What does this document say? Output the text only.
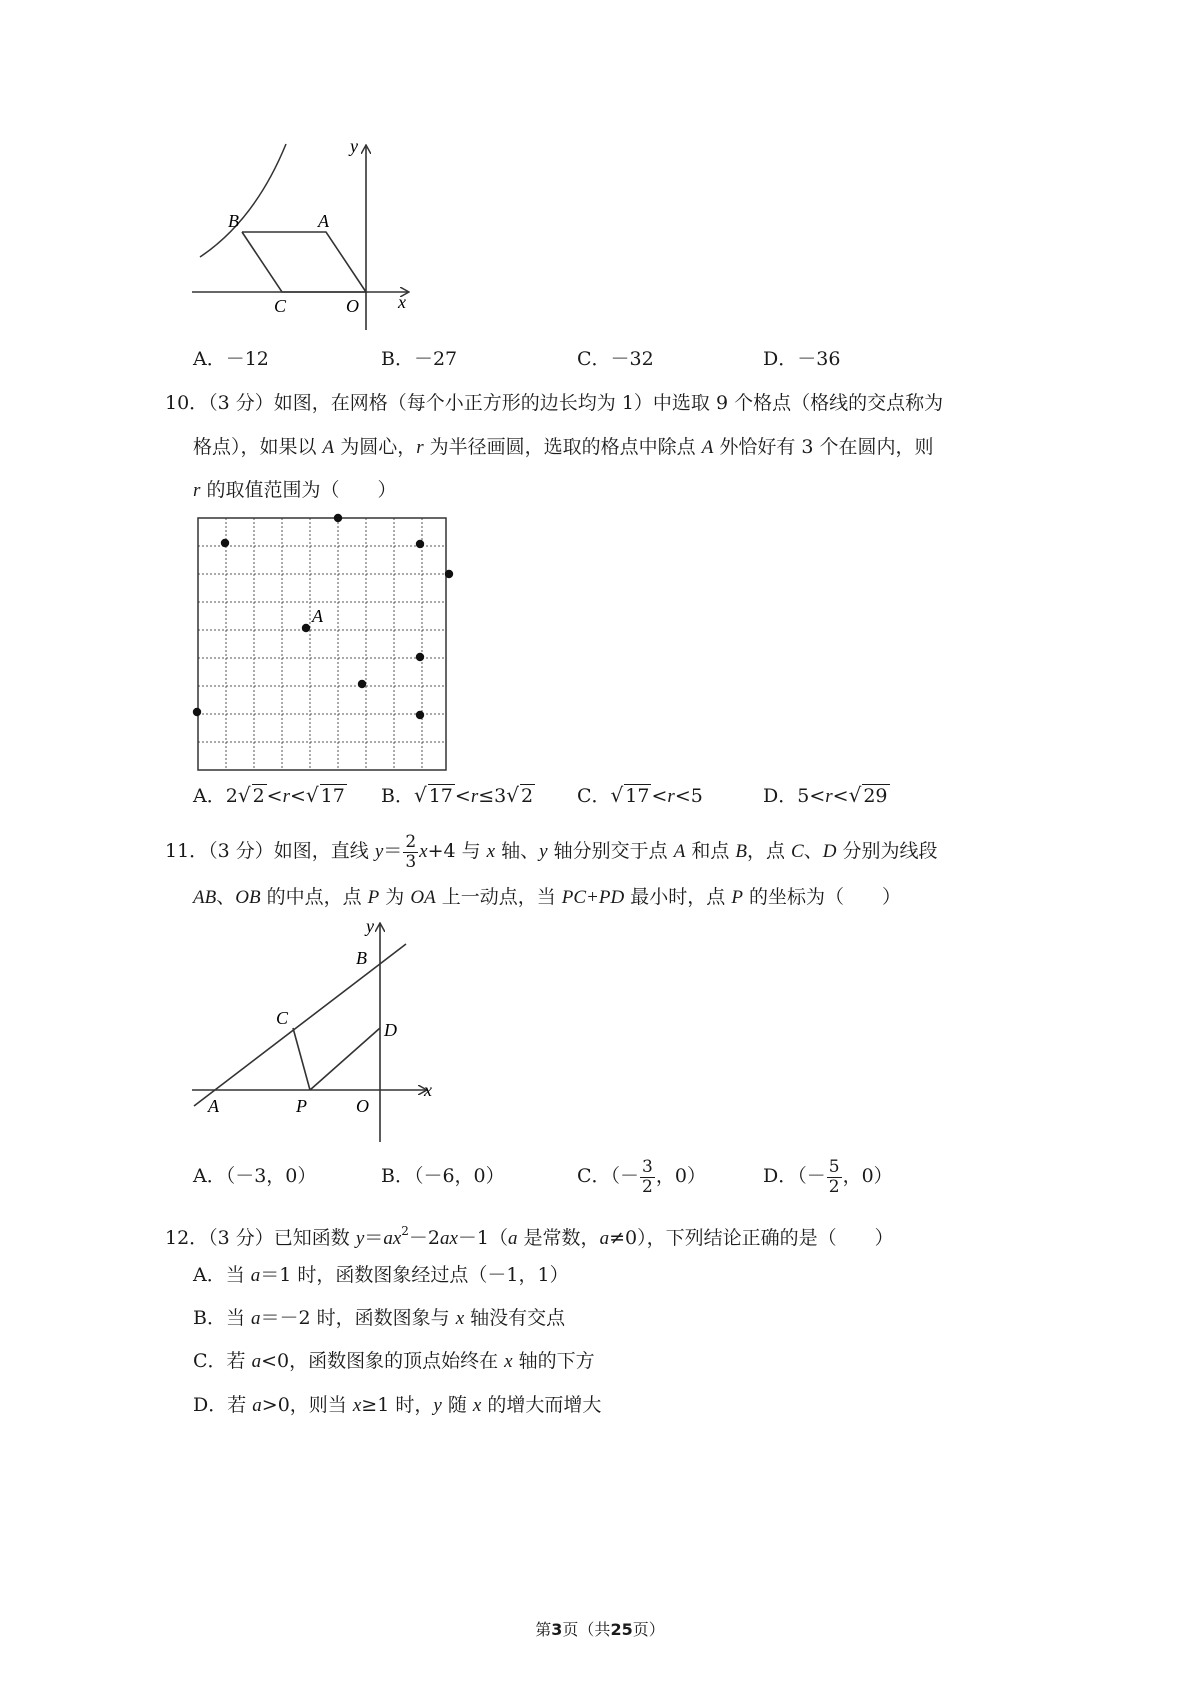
y
x
B	A
C	O
A．－12	B．－27	C．－32	D．－36
10．（3 分）如图，在网格（每个小正方形的边长均为 1）中选取 9 个格点（格线的交点称为
格点），如果以 A 为圆心，r 为半径画圆，选取的格点中除点 A 外恰好有 3 个在圆内，则
r 的取值范围为（　　）
A
A．2√ 2 <r<√ 17 B．√ 17 <r≤3√ 2 C．√ 17 <r<5	D．5<r<√ 29
11．（3 分）如图，直线 $y= \frac{2}{3} x+4$ 与 x 轴、y 轴分别交于点 A 和点 B，点 C、D 分别为线段
AB、OB 的中点，点 P 为 OA 上一动点，当 PC+PD 最小时，点 P 的坐标为（　　）
y
x
B
C
D
A	P	O
A．（－3，0）	B．（－6，0）	C．（－ $\frac{3}{2}$ ，0）	D．（－ $\frac{5}{2}$ ，0）
12．（3 分）已知函数 $y=ax^2-2ax-1(a$ 是常数，a≠0），下列结论正确的是（　　）
A．当 a＝1 时，函数图象经过点（－1，1）
B．当 a＝－2 时，函数图象与 x 轴没有交点
C．若 a<0，函数图象的顶点始终在 x 轴的下方
D．若 a>0，则当 x≥1 时，y 随 x 的增大而增大
第3页（共25页）
